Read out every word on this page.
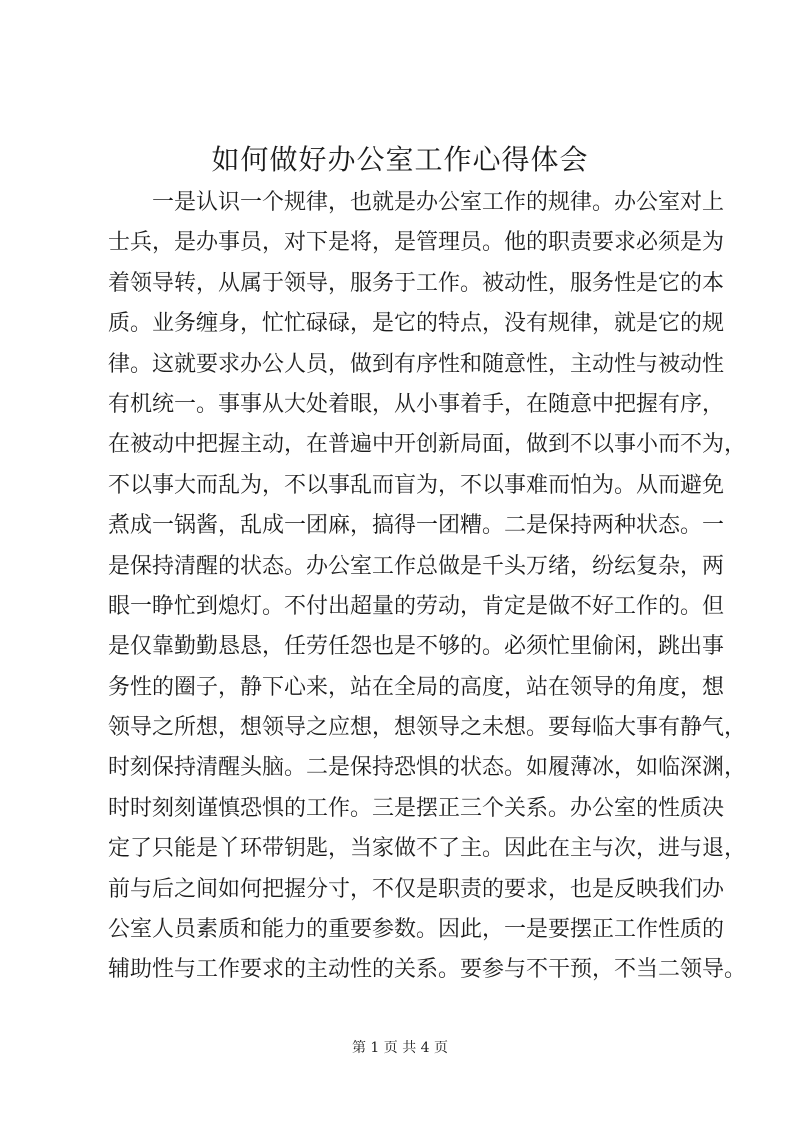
如何做好办公室工作心得体会
一是认识一个规律，也就是办公室工作的规律。办公室对上
士兵，是办事员，对下是将，是管理员。他的职责要求必须是为
着领导转，从属于领导，服务于工作。被动性，服务性是它的本
质。业务缠身，忙忙碌碌，是它的特点，没有规律，就是它的规
律。这就要求办公人员，做到有序性和随意性，主动性与被动性
有机统一。事事从大处着眼，从小事着手，在随意中把握有序，
在被动中把握主动，在普遍中开创新局面，做到不以事小而不为，
不以事大而乱为，不以事乱而盲为，不以事难而怕为。从而避免
煮成一锅酱，乱成一团麻，搞得一团糟。二是保持两种状态。一
是保持清醒的状态。办公室工作总做是千头万绪，纷纭复杂，两
眼一睁忙到熄灯。不付出超量的劳动，肯定是做不好工作的。但
是仅靠勤勤恳恳，任劳任怨也是不够的。必须忙里偷闲，跳出事
务性的圈子，静下心来，站在全局的高度，站在领导的角度，想
领导之所想，想领导之应想，想领导之未想。要每临大事有静气，
时刻保持清醒头脑。二是保持恐惧的状态。如履薄冰，如临深渊，
时时刻刻谨慎恐惧的工作。三是摆正三个关系。办公室的性质决
定了只能是丫环带钥匙，当家做不了主。因此在主与次，进与退，
前与后之间如何把握分寸，不仅是职责的要求，也是反映我们办
公室人员素质和能力的重要参数。因此，一是要摆正工作性质的
辅助性与工作要求的主动性的关系。要参与不干预，不当二领导。
第 1 页 共 4 页
